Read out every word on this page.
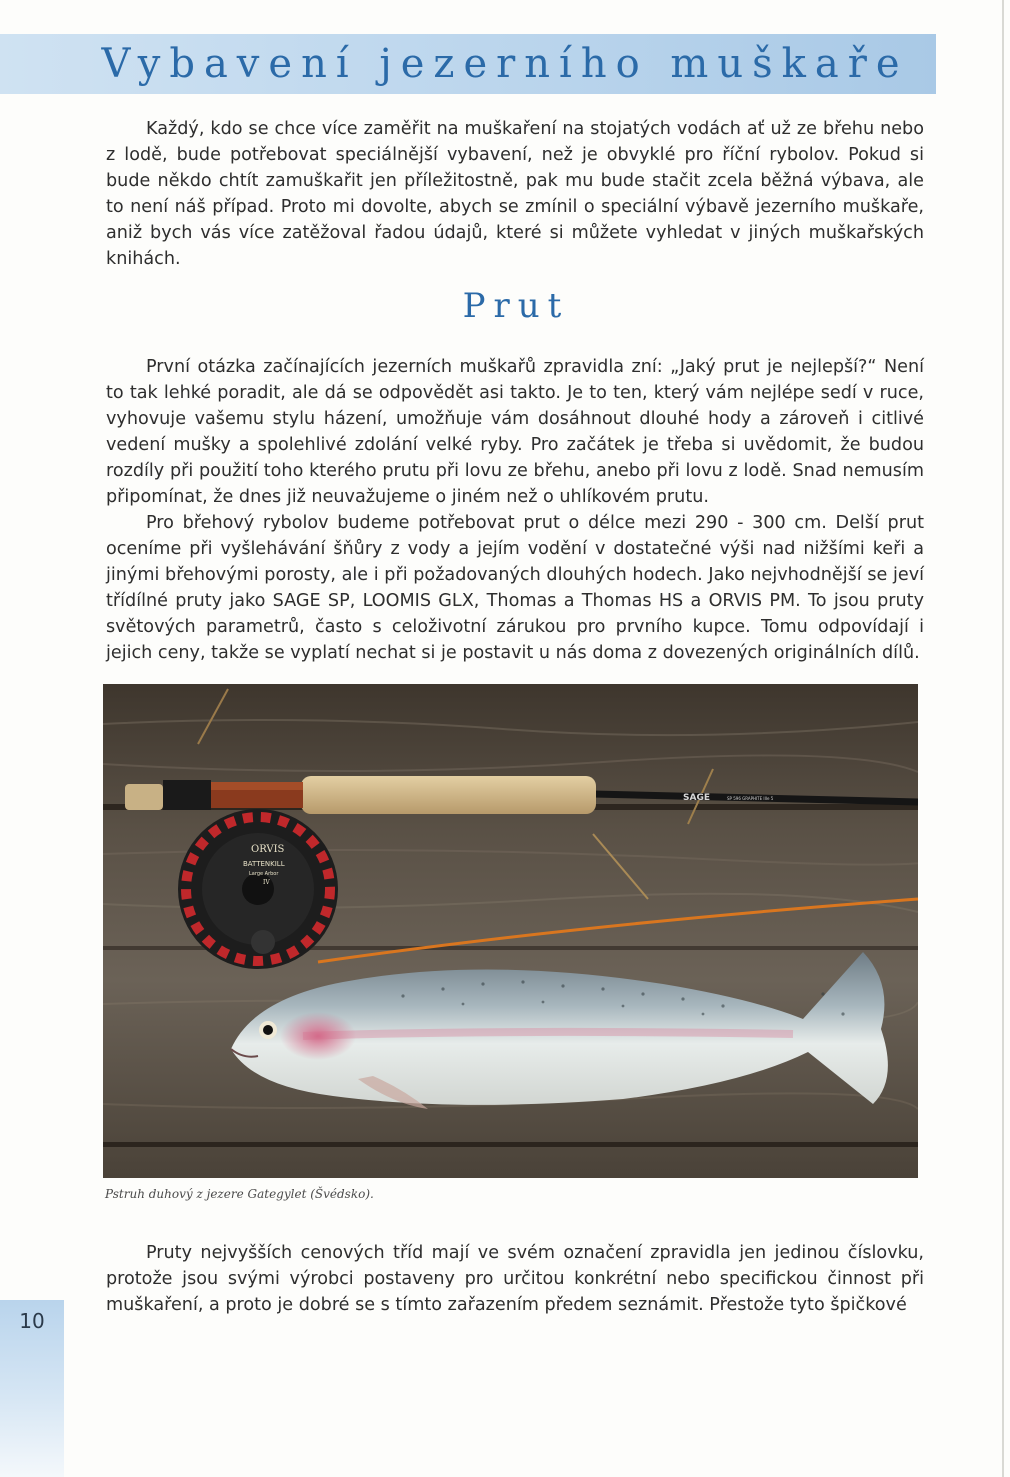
Vybavení jezerního muškaře

Každý, kdo se chce více zaměřit na muškaření na stojatých vodách ať už ze břehu nebo z lodě, bude potřebovat speciálnější vybavení, než je obvyklé pro říční rybolov. Pokud si bude někdo chtít zamuškařit jen příležitostně, pak mu bude stačit zcela běžná výbava, ale to není náš případ. Proto mi dovolte, abych se zmínil o speciální výbavě jezerního muškaře, aniž bych vás více zatěžoval řadou údajů, které si můžete vyhledat v jiných muškařských knihách.

Prut

První otázka začínajících jezerních muškařů zpravidla zní: „Jaký prut je nejlepší?“ Není to tak lehké poradit, ale dá se odpovědět asi takto. Je to ten, který vám nejlépe sedí v ruce, vyhovuje vašemu stylu házení, umožňuje vám dosáhnout dlouhé hody a zároveň i citlivé vedení mušky a spolehlivé zdolání velké ryby. Pro začátek je třeba si uvědomit, že budou rozdíly při použití toho kterého prutu při lovu ze břehu, anebo při lovu z lodě. Snad nemusím připomínat, že dnes již neuvažujeme o jiném než o uhlíkovém prutu.

Pro břehový rybolov budeme potřebovat prut o délce mezi 290 - 300 cm. Delší prut oceníme při vyšlehávání šňůry z vody a jejím vodění v dostatečné výši nad nižšími keři a jinými břehovými porosty, ale i při požadovaných dlouhých hodech. Jako nejvhodnější se jeví třídílné pruty jako SAGE SP, LOOMIS GLX, Thomas a Thomas HS a ORVIS PM. To jsou pruty světových parametrů, často s celoživotní zárukou pro prvního kupce. Tomu odpovídají i jejich ceny, takže se vyplatí nechat si je postavit u nás doma z dovezených originálních dílů.

ORVIS
BATTENKILL
Large Arbor
IV
SAGE	SP 596 GRAPHITE IIIe 5

Pstruh duhový z jezere Gategylet (Švédsko).

Pruty nejvyšších cenových tříd mají ve svém označení zpravidla jen jedinou číslovku, protože jsou svými výrobci postaveny pro určitou konkrétní nebo specifickou činnost při muškaření, a proto je dobré se s tímto zařazením předem seznámit. Přestože tyto špičkové

10
